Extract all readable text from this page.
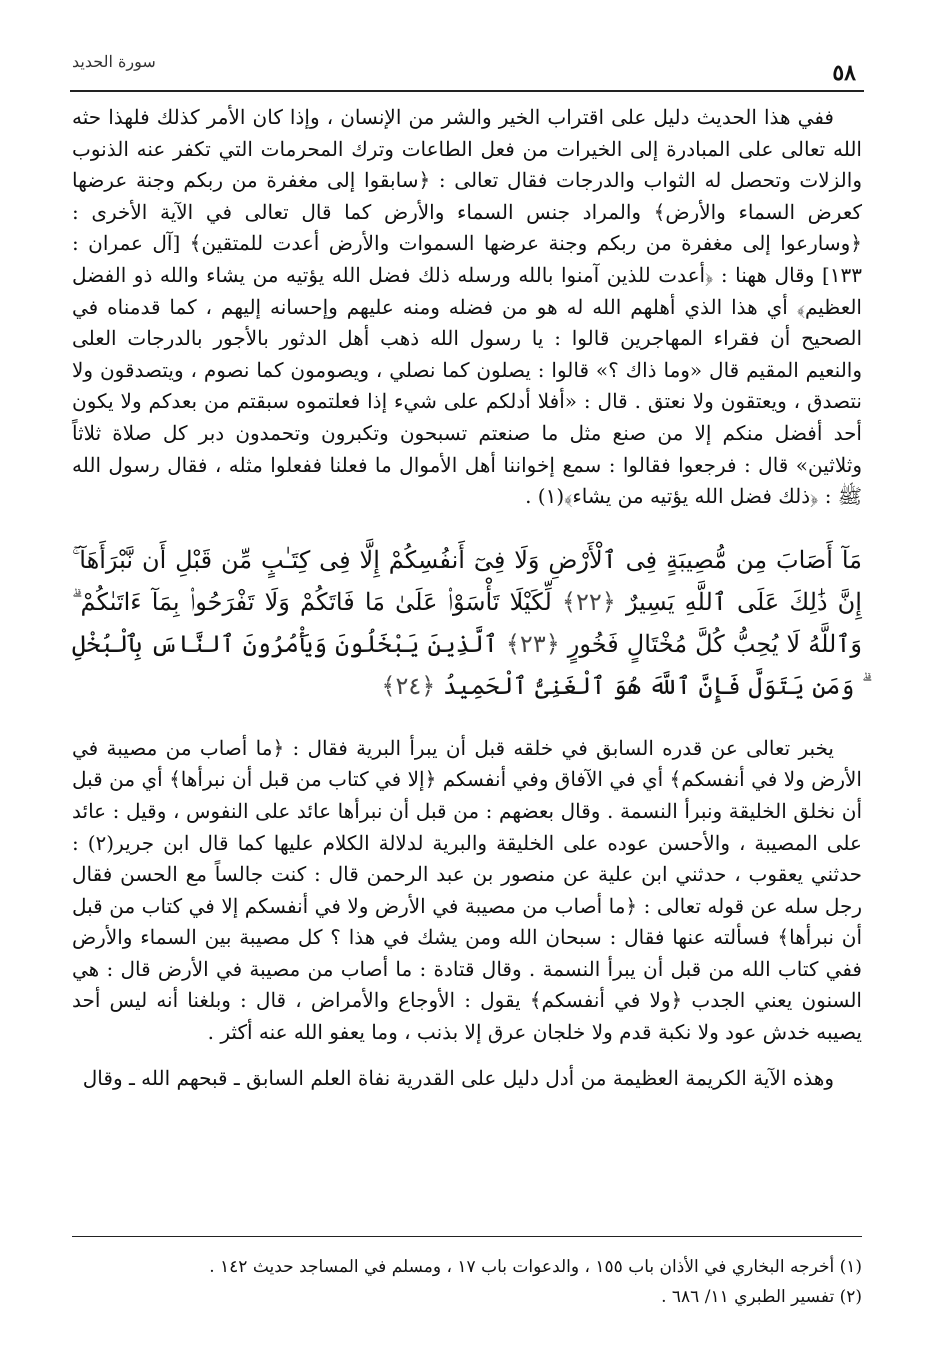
٥٨
سورة الحديد

ففي هذا الحديث دليل على اقتراب الخير والشر من الإنسان ، وإذا كان الأمر كذلك فلهذا حثه الله تعالى على المبادرة إلى الخيرات من فعل الطاعات وترك المحرمات التي تكفر عنه الذنوب والزلات وتحصل له الثواب والدرجات فقال تعالى : ﴿سابقوا إلى مغفرة من ربكم وجنة عرضها كعرض السماء والأرض﴾ والمراد جنس السماء والأرض كما قال تعالى في الآية الأخرى : ﴿وسارعوا إلى مغفرة من ربكم وجنة عرضها السموات والأرض أعدت للمتقين﴾ [آل عمران : ١٣٣] وقال ههنا : ﴿أعدت للذين آمنوا بالله ورسله ذلك فضل الله يؤتيه من يشاء والله ذو الفضل العظيم﴾ أي هذا الذي أهلهم الله له هو من فضله ومنه عليهم وإحسانه إليهم ، كما قدمناه في الصحيح أن فقراء المهاجرين قالوا : يا رسول الله ذهب أهل الدثور بالأجور بالدرجات العلى والنعيم المقيم قال «وما ذاك ؟» قالوا : يصلون كما نصلي ، ويصومون كما نصوم ، ويتصدقون ولا نتصدق ، ويعتقون ولا نعتق . قال : «أفلا أدلكم على شيء إذا فعلتموه سبقتم من بعدكم ولا يكون أحد أفضل منكم إلا من صنع مثل ما صنعتم تسبحون وتكبرون وتحمدون دبر كل صلاة ثلاثاً وثلاثين» قال : فرجعوا فقالوا : سمع إخواننا أهل الأموال ما فعلنا ففعلوا مثله ، فقال رسول الله ﷺ : ﴿ذلك فضل الله يؤتيه من يشاء﴾(١) .

مَآ أَصَابَ مِن مُّصِيبَةٍ فِى ٱلْأَرْضِ وَلَا فِىٓ أَنفُسِكُمْ إِلَّا فِى كِتَـٰبٍ مِّن قَبْلِ أَن نَّبْرَأَهَآ ۚ إِنَّ ذَٰلِكَ عَلَى ٱللَّهِ يَسِيرٌ ﴿٢٢﴾ لِّكَيْلَا تَأْسَوْا۟ عَلَىٰ مَا فَاتَكُمْ وَلَا تَفْرَحُوا۟ بِمَآ ءَاتَىٰكُمْ ۗ وَٱللَّهُ لَا يُحِبُّ كُلَّ مُخْتَالٍ فَخُورٍ ﴿٢٣﴾ ٱلَّذِينَ يَبْخَلُونَ وَيَأْمُرُونَ ٱلنَّاسَ بِٱلْبُخْلِ ۗ وَمَن يَتَوَلَّ فَإِنَّ ٱللَّهَ هُوَ ٱلْغَنِىُّ ٱلْحَمِيدُ ﴿٢٤﴾

يخبر تعالى عن قدره السابق في خلقه قبل أن يبرأ البرية فقال : ﴿ما أصاب من مصيبة في الأرض ولا في أنفسكم﴾ أي في الآفاق وفي أنفسكم ﴿إلا في كتاب من قبل أن نبرأها﴾ أي من قبل أن نخلق الخليقة ونبرأ النسمة . وقال بعضهم : من قبل أن نبرأها عائد على النفوس ، وقيل : عائد على المصيبة ، والأحسن عوده على الخليقة والبرية لدلالة الكلام عليها كما قال ابن جرير(٢) : حدثني يعقوب ، حدثني ابن علية عن منصور بن عبد الرحمن قال : كنت جالساً مع الحسن فقال رجل سله عن قوله تعالى : ﴿ما أصاب من مصيبة في الأرض ولا في أنفسكم إلا في كتاب من قبل أن نبرأها﴾ فسألته عنها فقال : سبحان الله ومن يشك في هذا ؟ كل مصيبة بين السماء والأرض ففي كتاب الله من قبل أن يبرأ النسمة . وقال قتادة : ما أصاب من مصيبة في الأرض قال : هي السنون يعني الجدب ﴿ولا في أنفسكم﴾ يقول : الأوجاع والأمراض ، قال : وبلغنا أنه ليس أحد يصيبه خدش عود ولا نكبة قدم ولا خلجان عرق إلا بذنب ، وما يعفو الله عنه أكثر .

وهذه الآية الكريمة العظيمة من أدل دليل على القدرية نفاة العلم السابق ـ قبحهم الله ـ وقال

(١) أخرجه البخاري في الأذان باب ١٥٥ ، والدعوات باب ١٧ ، ومسلم في المساجد حديث ١٤٢ .
(٢) تفسير الطبري ١١/ ٦٨٦ .
